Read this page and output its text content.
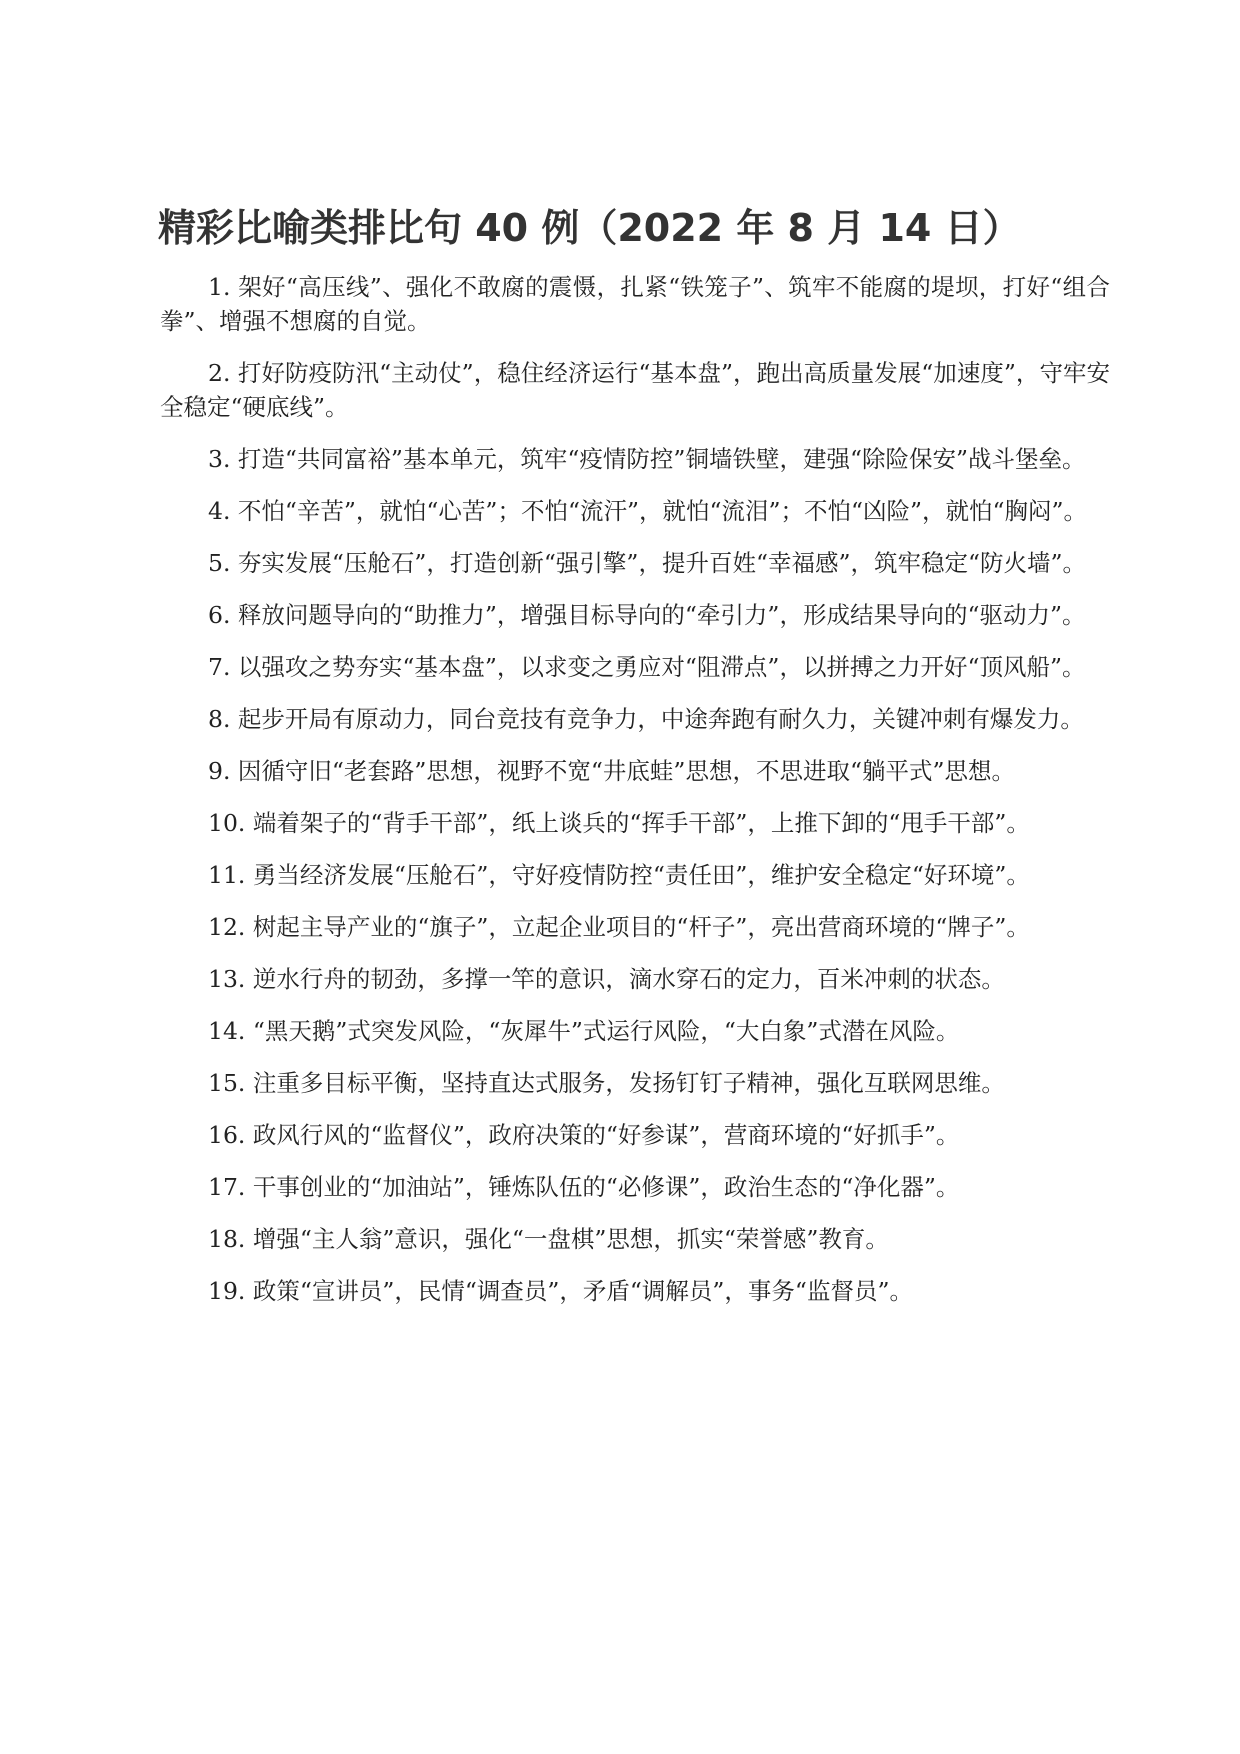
精彩比喻类排比句 40 例（2022 年 8 月 14 日）

1. 架好“高压线”、强化不敢腐的震慑，扎紧“铁笼子”、筑牢不能腐的堤坝，打好“组合拳”、增强不想腐的自觉。

2. 打好防疫防汛“主动仗”，稳住经济运行“基本盘”，跑出高质量发展“加速度”，守牢安全稳定“硬底线”。

3. 打造“共同富裕”基本单元，筑牢“疫情防控”铜墙铁壁，建强“除险保安”战斗堡垒。

4. 不怕“辛苦”，就怕“心苦”；不怕“流汗”，就怕“流泪”；不怕“凶险”，就怕“胸闷”。

5. 夯实发展“压舱石”，打造创新“强引擎”，提升百姓“幸福感”，筑牢稳定“防火墙”。

6. 释放问题导向的“助推力”，增强目标导向的“牵引力”，形成结果导向的“驱动力”。

7. 以强攻之势夯实“基本盘”，以求变之勇应对“阻滞点”，以拼搏之力开好“顶风船”。

8. 起步开局有原动力，同台竞技有竞争力，中途奔跑有耐久力，关键冲刺有爆发力。

9. 因循守旧“老套路”思想，视野不宽“井底蛙”思想，不思进取“躺平式”思想。

10. 端着架子的“背手干部”，纸上谈兵的“挥手干部”，上推下卸的“甩手干部”。

11. 勇当经济发展“压舱石”，守好疫情防控“责任田”，维护安全稳定“好环境”。

12. 树起主导产业的“旗子”，立起企业项目的“杆子”，亮出营商环境的“牌子”。

13. 逆水行舟的韧劲，多撑一竿的意识，滴水穿石的定力，百米冲刺的状态。

14. “黑天鹅”式突发风险，“灰犀牛”式运行风险，“大白象”式潜在风险。

15. 注重多目标平衡，坚持直达式服务，发扬钉钉子精神，强化互联网思维。

16. 政风行风的“监督仪”，政府决策的“好参谋”，营商环境的“好抓手”。

17. 干事创业的“加油站”，锤炼队伍的“必修课”，政治生态的“净化器”。

18. 增强“主人翁”意识，强化“一盘棋”思想，抓实“荣誉感”教育。

19. 政策“宣讲员”，民情“调查员”，矛盾“调解员”，事务“监督员”。
